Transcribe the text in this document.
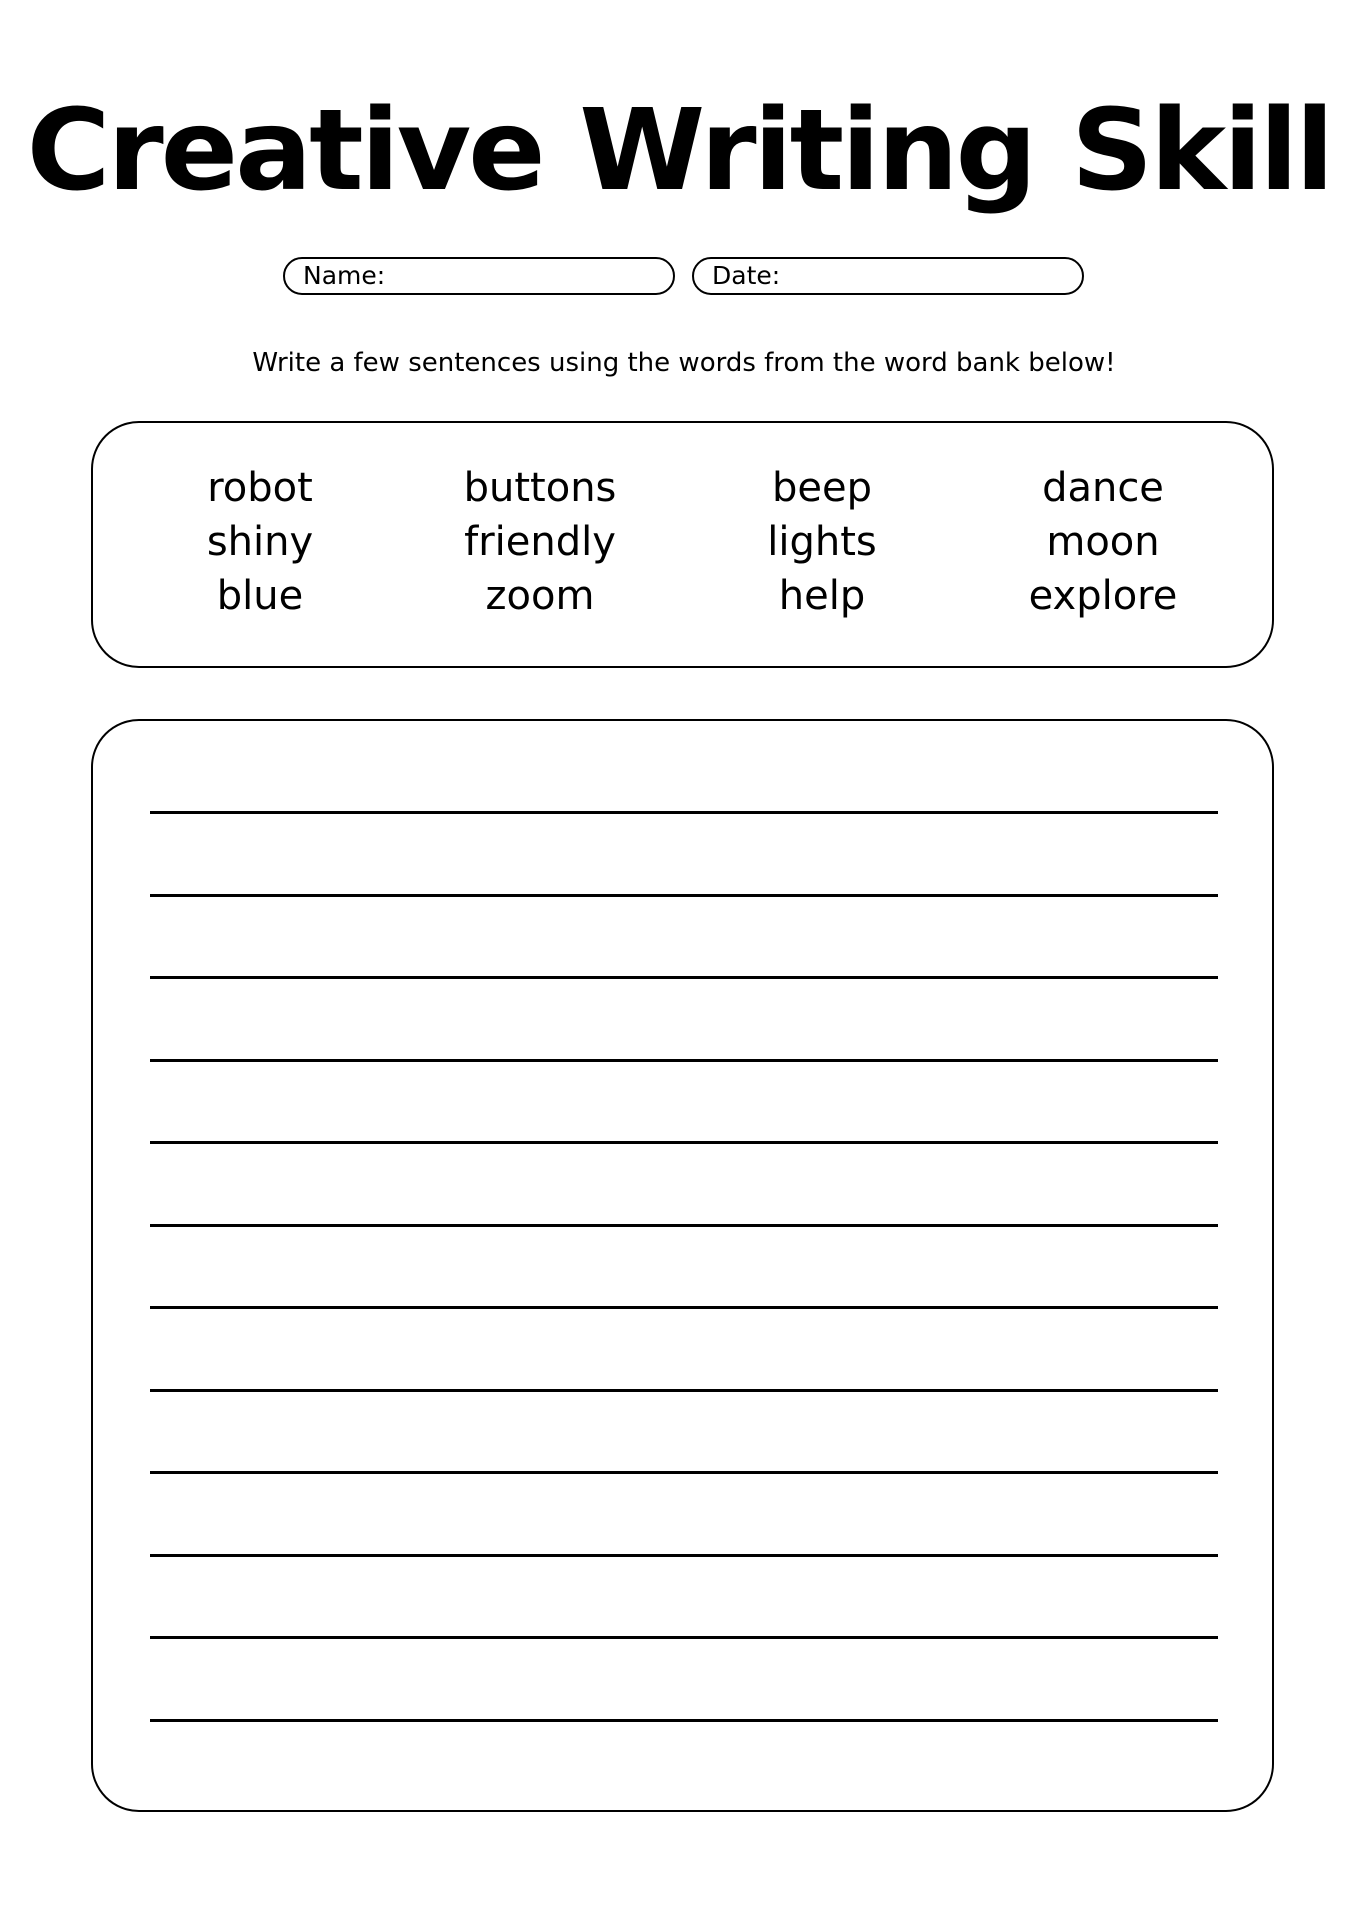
Creative Writing Skill
Name:	Date:
Write a few sentences using the words from the word bank below!
robot
shiny
blue
buttons
friendly
zoom
beep
lights
help
dance
moon
explore
